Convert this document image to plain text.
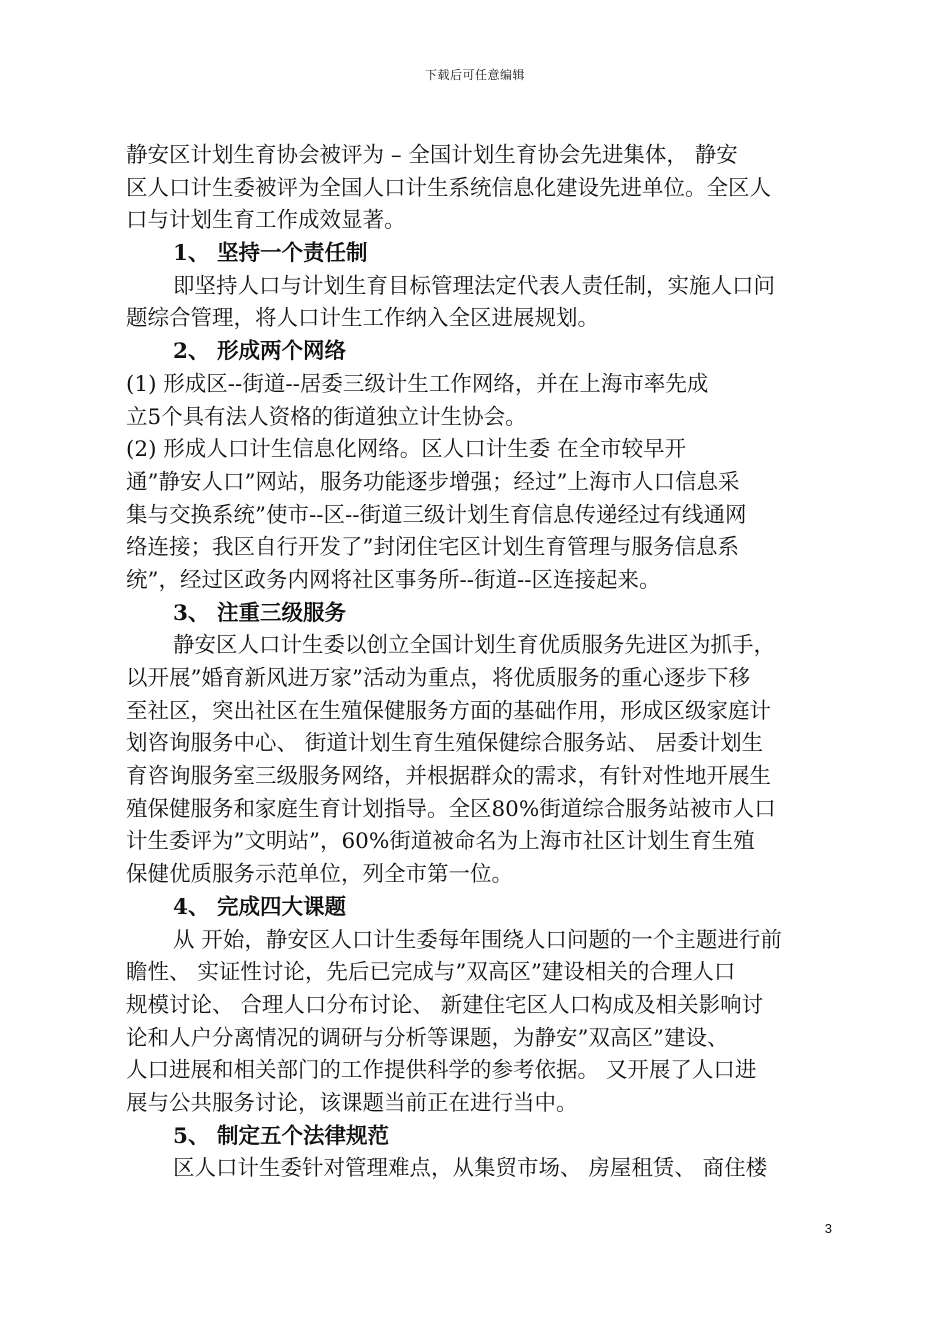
下载后可任意编辑
静安区计划生育协会被评为 – 全国计划生育协会先进集体， 静安
区人口计生委被评为全国人口计生系统信息化建设先进单位。全区人
口与计划生育工作成效显著。
1、 坚持一个责任制
即坚持人口与计划生育目标管理法定代表人责任制，实施人口问
题综合管理，将人口计生工作纳入全区进展规划。
2、 形成两个网络
(1) 形成区--街道--居委三级计生工作网络，并在上海市率先成
立5个具有法人资格的街道独立计生协会。
(2) 形成人口计生信息化网络。区人口计生委 在全市较早开
通”静安人口”网站，服务功能逐步增强；经过”上海市人口信息采
集与交换系统”使市--区--街道三级计划生育信息传递经过有线通网
络连接；我区自行开发了”封闭住宅区计划生育管理与服务信息系
统”，经过区政务内网将社区事务所--街道--区连接起来。
3、 注重三级服务
静安区人口计生委以创立全国计划生育优质服务先进区为抓手，
以开展”婚育新风进万家”活动为重点，将优质服务的重心逐步下移
至社区，突出社区在生殖保健服务方面的基础作用，形成区级家庭计
划咨询服务中心、 街道计划生育生殖保健综合服务站、 居委计划生
育咨询服务室三级服务网络，并根据群众的需求，有针对性地开展生
殖保健服务和家庭生育计划指导。全区80%街道综合服务站被市人口
计生委评为”文明站”，60%街道被命名为上海市社区计划生育生殖
保健优质服务示范单位，列全市第一位。
4、 完成四大课题
从 开始，静安区人口计生委每年围绕人口问题的一个主题进行前
瞻性、 实证性讨论，先后已完成与”双高区”建设相关的合理人口
规模讨论、 合理人口分布讨论、 新建住宅区人口构成及相关影响讨
论和人户分离情况的调研与分析等课题，为静安”双高区”建设、
人口进展和相关部门的工作提供科学的参考依据。 又开展了人口进
展与公共服务讨论，该课题当前正在进行当中。
5、 制定五个法律规范
区人口计生委针对管理难点，从集贸市场、 房屋租赁、 商住楼
3
